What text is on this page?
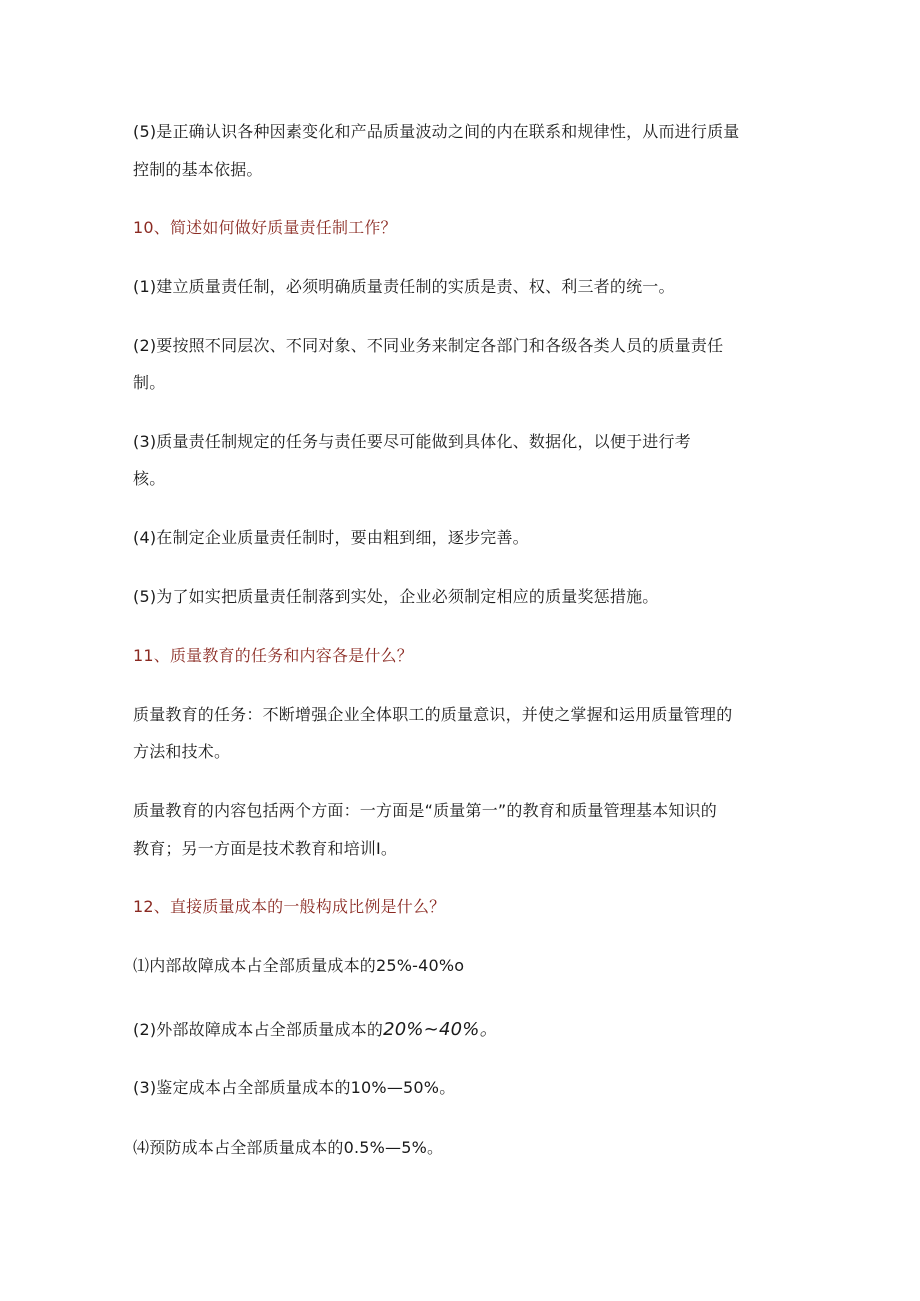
(5)是正确认识各种因素变化和产品质量波动之间的内在联系和规律性，从而进行质量

控制的基本依据。

10、简述如何做好质量责任制工作？

(1)建立质量责任制，必须明确质量责任制的实质是责、权、利三者的统一。

(2)要按照不同层次、不同对象、不同业务来制定各部门和各级各类人员的质量责任

制。

(3)质量责任制规定的任务与责任要尽可能做到具体化、数据化，以便于进行考

核。

(4)在制定企业质量责任制时，要由粗到细，逐步完善。

(5)为了如实把质量责任制落到实处，企业必须制定相应的质量奖惩措施。

11、质量教育的任务和内容各是什么？

质量教育的任务：不断增强企业全体职工的质量意识，并使之掌握和运用质量管理的

方法和技术。

质量教育的内容包括两个方面：一方面是“质量第一”的教育和质量管理基本知识的

教育；另一方面是技术教育和培训I。

12、直接质量成本的一般构成比例是什么？

⑴内部故障成本占全部质量成本的25%-40%o

(2)外部故障成本占全部质量成本的20%~40%。

(3)鉴定成本占全部质量成本的10%—50%。

⑷预防成本占全部质量成本的0.5%—5%。
